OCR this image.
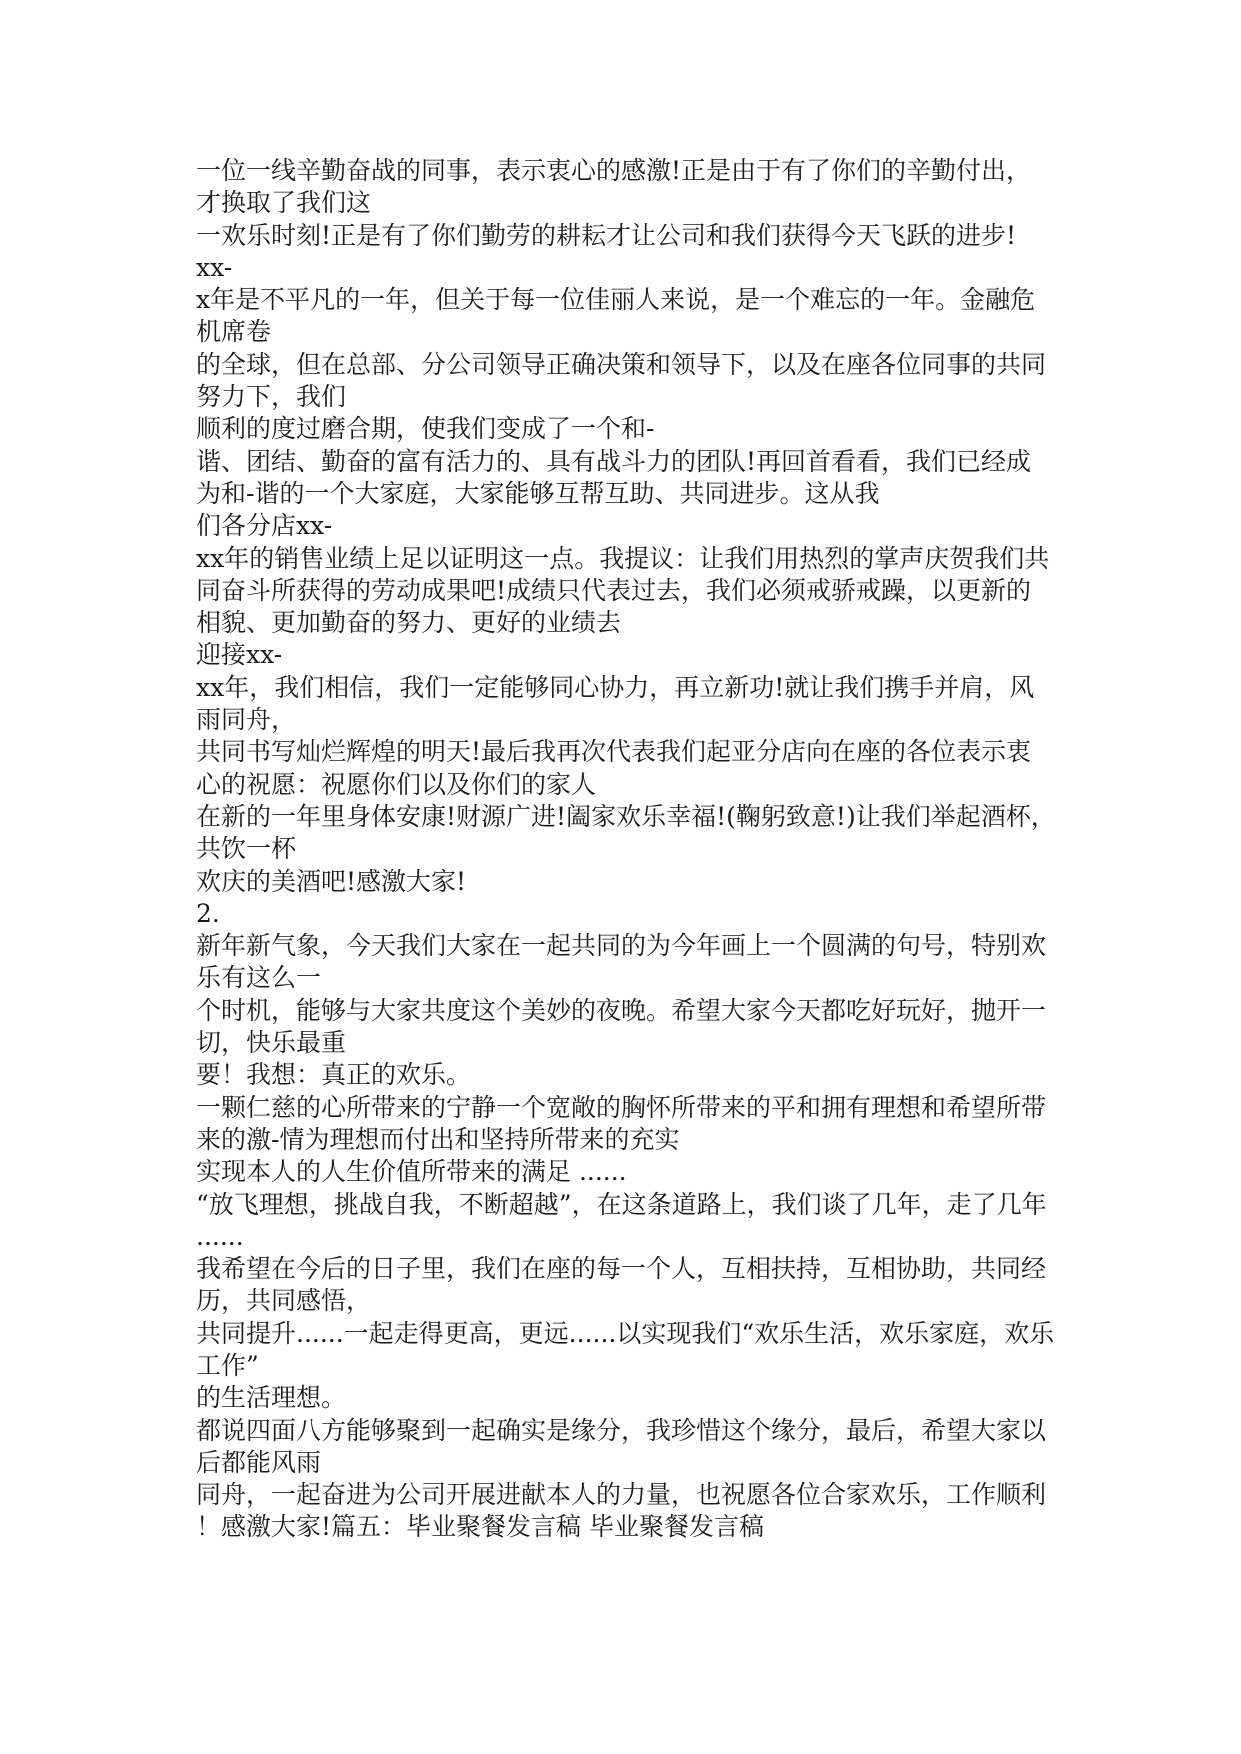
一位一线辛勤奋战的同事，表示衷心的感激!正是由于有了你们的辛勤付出，

才换取了我们这

一欢乐时刻!正是有了你们勤劳的耕耘才让公司和我们获得今天飞跃的进步!

xx-

x年是不平凡的一年，但关于每一位佳丽人来说，是一个难忘的一年。金融危

机席卷

的全球，但在总部、分公司领导正确决策和领导下，以及在座各位同事的共同

努力下，我们

顺利的度过磨合期，使我们变成了一个和-

谐、团结、勤奋的富有活力的、具有战斗力的团队!再回首看看，我们已经成

为和-谐的一个大家庭，大家能够互帮互助、共同进步。这从我

们各分店xx-

xx年的销售业绩上足以证明这一点。我提议：让我们用热烈的掌声庆贺我们共

同奋斗所获得的劳动成果吧!成绩只代表过去，我们必须戒骄戒躁，以更新的

相貌、更加勤奋的努力、更好的业绩去

迎接xx-

xx年，我们相信，我们一定能够同心协力，再立新功!就让我们携手并肩，风

雨同舟，

共同书写灿烂辉煌的明天!最后我再次代表我们起亚分店向在座的各位表示衷

心的祝愿：祝愿你们以及你们的家人

在新的一年里身体安康!财源广进!阖家欢乐幸福!(鞠躬致意!)让我们举起酒杯，

共饮一杯

欢庆的美酒吧!感激大家!

2.

新年新气象，今天我们大家在一起共同的为今年画上一个圆满的句号，特别欢

乐有这么一

个时机，能够与大家共度这个美妙的夜晚。希望大家今天都吃好玩好，抛开一

切，快乐最重

要！我想：真正的欢乐。

一颗仁慈的心所带来的宁静一个宽敞的胸怀所带来的平和拥有理想和希望所带

来的激-情为理想而付出和坚持所带来的充实

实现本人的人生价值所带来的满足 ......

“放飞理想，挑战自我，不断超越”，在这条道路上，我们谈了几年，走了几年

......

我希望在今后的日子里，我们在座的每一个人，互相扶持，互相协助，共同经

历，共同感悟，

共同提升......一起走得更高，更远......以实现我们“欢乐生活，欢乐家庭，欢乐

工作”

的生活理想。

都说四面八方能够聚到一起确实是缘分，我珍惜这个缘分，最后，希望大家以

后都能风雨

同舟，一起奋进为公司开展进献本人的力量，也祝愿各位合家欢乐，工作顺利

！感激大家!篇五：毕业聚餐发言稿 毕业聚餐发言稿
